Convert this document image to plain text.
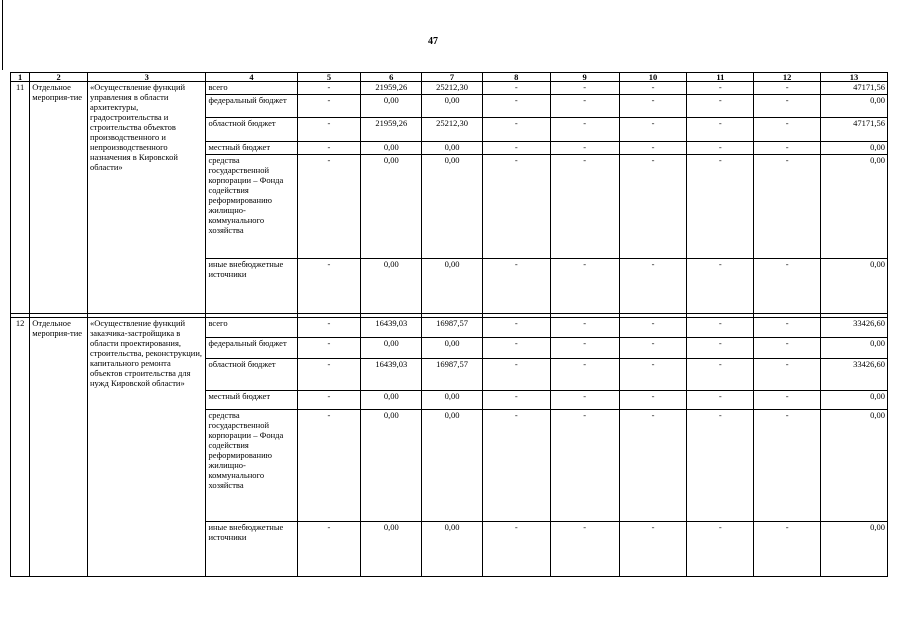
47
1	2	3	4	5	6	7	8	9	10	11	12	13
11	Отдельное мероприя-тие	«Осуществление функций управления в области архитектуры, градостроительства и строительства объектов производственного и непроизводственного назначения в Кировской области»	всего	-	21959,26	25212,30	-	-	-	-	-	47171,56
			федеральный бюджет	-	0,00	0,00	-	-	-	-	-	0,00
			областной бюджет	-	21959,26	25212,30	-	-	-	-	-	47171,56
			местный бюджет	-	0,00	0,00	-	-	-	-	-	0,00
			средства государственной корпорации – Фонда содействия реформированию жилищно-коммунального хозяйства	-	0,00	0,00	-	-	-	-	-	0,00
			иные внебюджетные источники	-	0,00	0,00	-	-	-	-	-	0,00

12	Отдельное мероприя-тие	«Осуществление функций заказчика-застройщика в области проектирования, строительства, реконструкции, капитального ремонта объектов строительства для нужд Кировской области»	всего	-	16439,03	16987,57	-	-	-	-	-	33426,60
			федеральный бюджет	-	0,00	0,00	-	-	-	-	-	0,00
			областной бюджет	-	16439,03	16987,57	-	-	-	-	-	33426,60
			местный бюджет	-	0,00	0,00	-	-	-	-	-	0,00
			средства государственной корпорации – Фонда содействия реформированию жилищно-коммунального хозяйства	-	0,00	0,00	-	-	-	-	-	0,00
			иные внебюджетные источники	-	0,00	0,00	-	-	-	-	-	0,00
